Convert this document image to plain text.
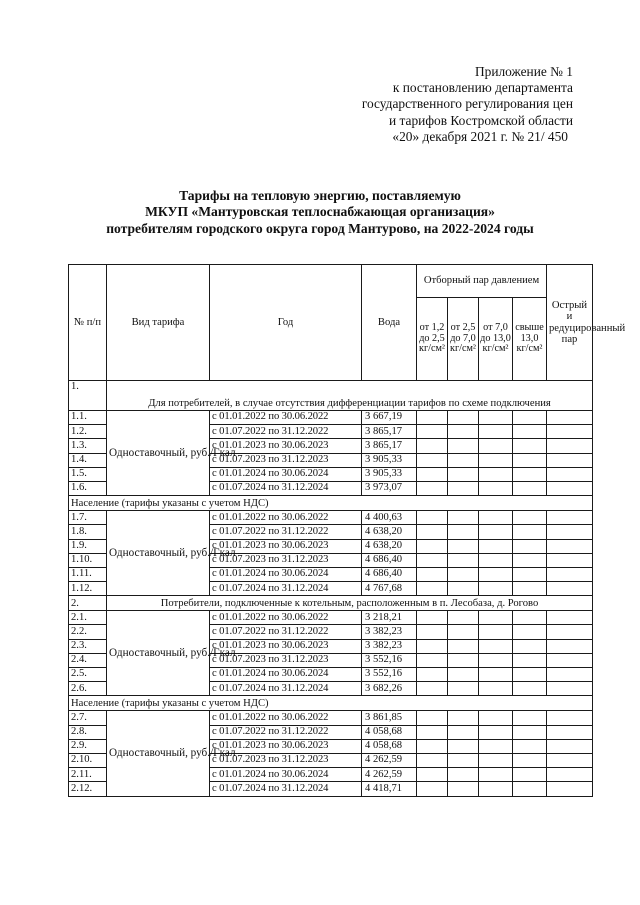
Приложение № 1
к постановлению департамента
государственного регулирования цен
и тарифов Костромской области
«20» декабря 2021 г. № 21/ 450
Тарифы на тепловую энергию, поставляемую
МКУП «Мантуровская теплоснабжающая организация»
потребителям городского округа город Мантурово, на 2022-2024 годы
№ п/п	Вид тарифа	Год	Вода	Отборный пар давлением				Острый и редуцированный пар
				от 1,2 до 2,5 кг/см²	от 2,5 до 7,0 кг/см²	от 7,0 до 13,0 кг/см²	свыше 13,0 кг/см²	
1.	Для потребителей, в случае отсутствия дифференциации тарифов по схеме подключения							
1.1.	Одноставочный, руб./Гкал	с 01.01.2022 по 30.06.2022	3 667,19					
1.2.		с 01.07.2022 по 31.12.2022	3 865,17					
1.3.		с 01.01.2023 по 30.06.2023	3 865,17					
1.4.		с 01.07.2023 по 31.12.2023	3 905,33					
1.5.		с 01.01.2024 по 30.06.2024	3 905,33					
1.6.		с 01.07.2024 по 31.12.2024	3 973,07					
Население (тарифы указаны с учетом НДС)								
1.7.	Одноставочный, руб./Гкал	с 01.01.2022 по 30.06.2022	4 400,63					
1.8.		с 01.07.2022 по 31.12.2022	4 638,20					
1.9.		с 01.01.2023 по 30.06.2023	4 638,20					
1.10.		с 01.07.2023 по 31.12.2023	4 686,40					
1.11.		с 01.01.2024 по 30.06.2024	4 686,40					
1.12.		с 01.07.2024 по 31.12.2024	4 767,68					
2.	Потребители, подключенные к котельным, расположенным в п. Лесобаза, д. Рогово							
2.1.	Одноставочный, руб./Гкал	с 01.01.2022 по 30.06.2022	3 218,21					
2.2.		с 01.07.2022 по 31.12.2022	3 382,23					
2.3.		с 01.01.2023 по 30.06.2023	3 382,23					
2.4.		с 01.07.2023 по 31.12.2023	3 552,16					
2.5.		с 01.01.2024 по 30.06.2024	3 552,16					
2.6.		с 01.07.2024 по 31.12.2024	3 682,26					
Население (тарифы указаны с учетом НДС)								
2.7.	Одноставочный, руб./Гкал	с 01.01.2022 по 30.06.2022	3 861,85					
2.8.		с 01.07.2022 по 31.12.2022	4 058,68					
2.9.		с 01.01.2023 по 30.06.2023	4 058,68					
2.10.		с 01.07.2023 по 31.12.2023	4 262,59					
2.11.		с 01.01.2024 по 30.06.2024	4 262,59					
2.12.		с 01.07.2024 по 31.12.2024	4 418,71					
